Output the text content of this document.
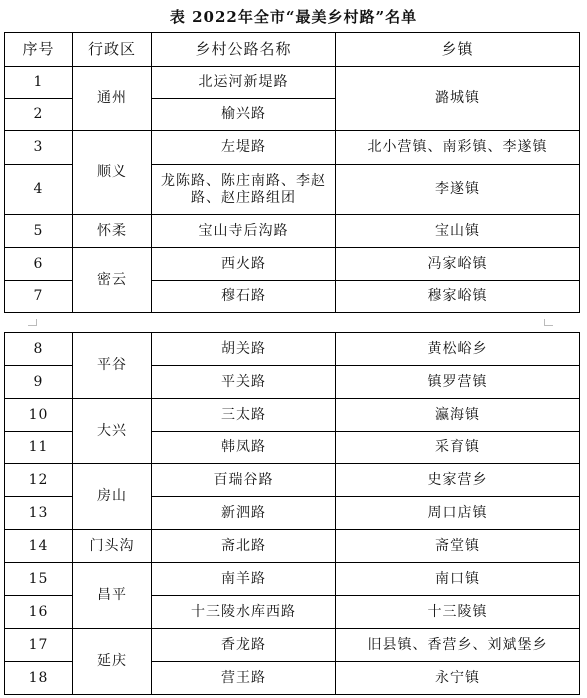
表 2022年全市“最美乡村路”名单
序号	行政区	乡村公路名称	乡镇
1	通州	北运河新堤路	潞城镇
2		榆兴路	
3	顺义	左堤路	北小营镇、南彩镇、李遂镇
4		龙陈路、陈庄南路、李赵路、赵庄路组团	李遂镇
5	怀柔	宝山寺后沟路	宝山镇
6	密云	西火路	冯家峪镇
7		穆石路	穆家峪镇
8	平谷	胡关路	黄松峪乡
9		平关路	镇罗营镇
10	大兴	三太路	瀛海镇
11		韩凤路	采育镇
12	房山	百瑞谷路	史家营乡
13		新泗路	周口店镇
14	门头沟	斋北路	斋堂镇
15	昌平	南羊路	南口镇
16		十三陵水库西路	十三陵镇
17	延庆	香龙路	旧县镇、香营乡、刘斌堡乡
18		营王路	永宁镇
